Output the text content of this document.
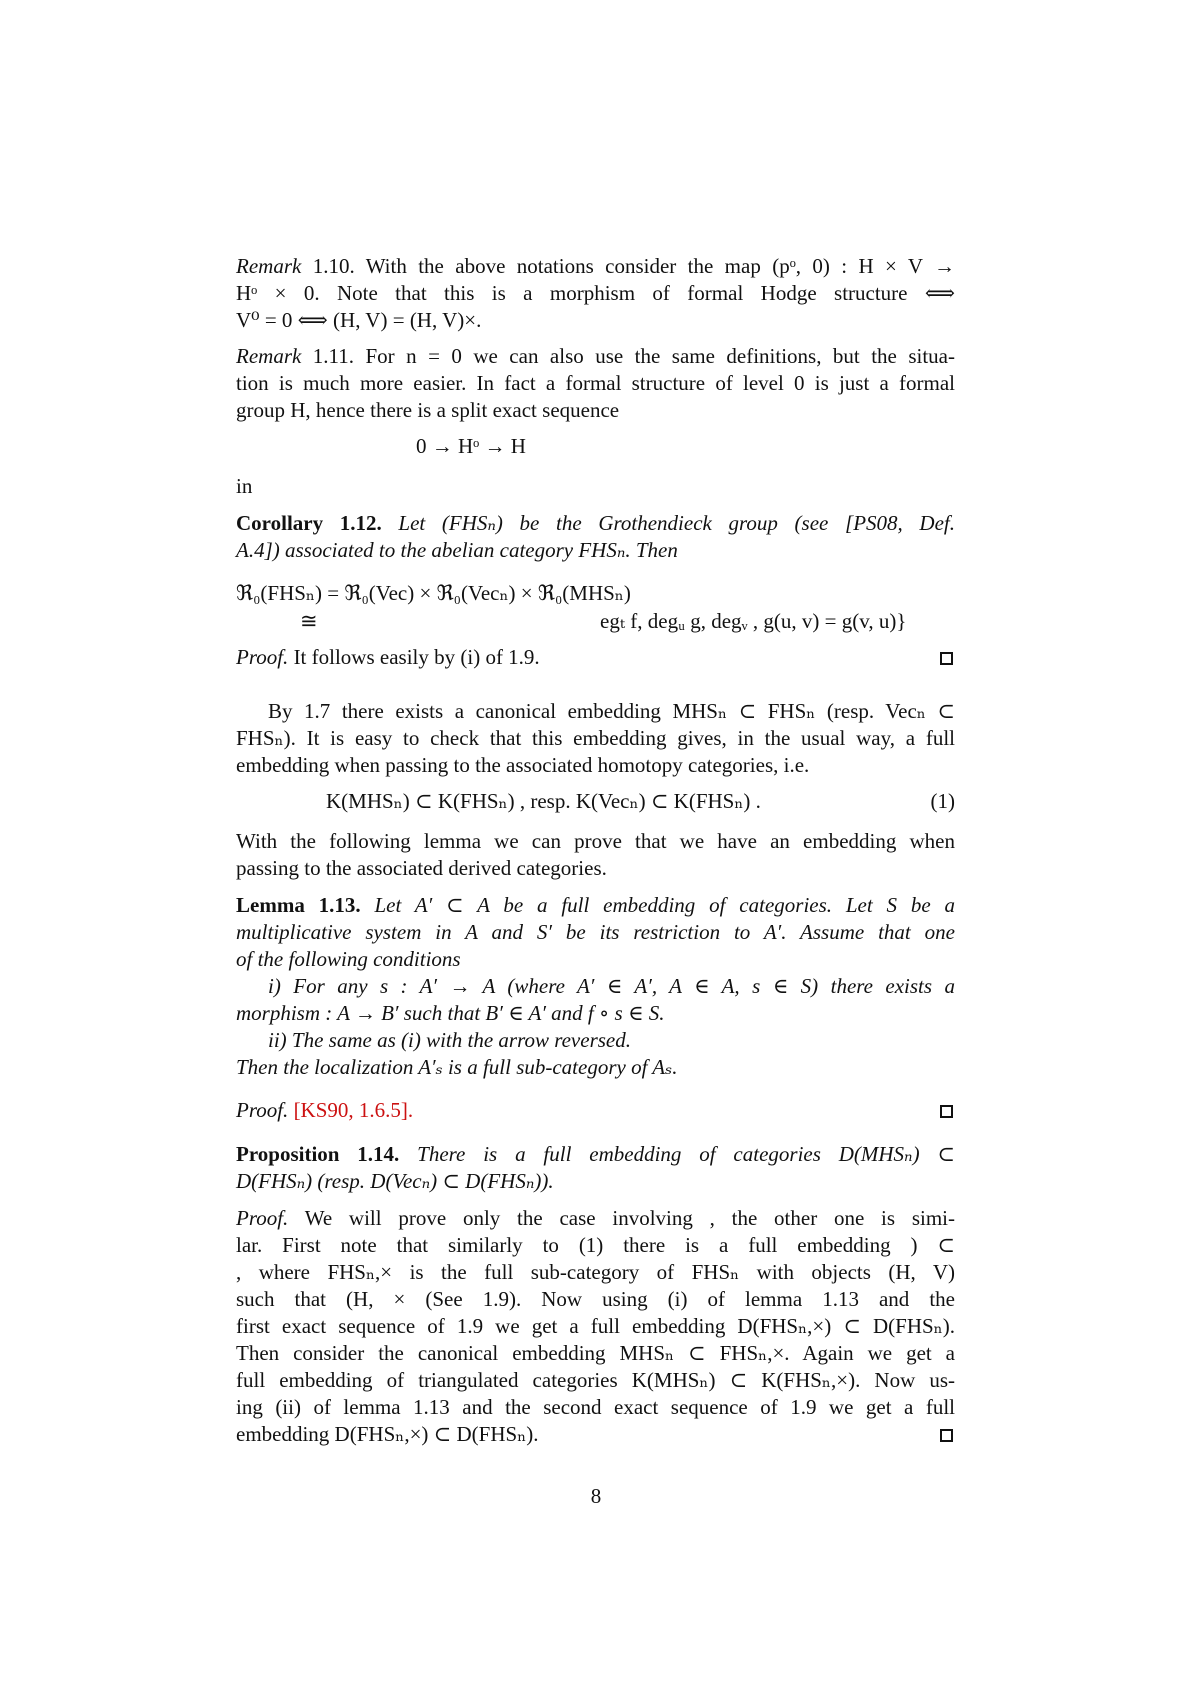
Remark 1.10. With the above notations consider the map (pᵒ, 0) : H × V →
Hᵒ × 0. Note that this is a morphism of formal Hodge structure ⟺
V⁰ = 0 ⟺ (H, V) = (H, V)×.
Remark 1.11. For n = 0 we can also use the same definitions, but the situa-
tion is much more easier. In fact a formal structure of level 0 is just a formal
group H, hence there is a split exact sequence
0 → Hᵒ → H
in
Corollary 1.12. Let (FHSₙ) be the Grothendieck group (see [PS08, Def.
A.4]) associated to the abelian category FHSₙ. Then
ℜ₀(FHSₙ) = ℜ₀(Vec) × ℜ₀(Vecₙ) × ℜ₀(MHSₙ)
≅	egₜ f, degᵤ g, degᵥ , g(u, v) = g(v, u)}
Proof. It follows easily by (i) of 1.9.
By 1.7 there exists a canonical embedding MHSₙ ⊂ FHSₙ (resp. Vecₙ ⊂
FHSₙ). It is easy to check that this embedding gives, in the usual way, a full
embedding when passing to the associated homotopy categories, i.e.
K(MHSₙ) ⊂ K(FHSₙ) , resp. K(Vecₙ) ⊂ K(FHSₙ) .	(1)
With the following lemma we can prove that we have an embedding when
passing to the associated derived categories.
Lemma 1.13. Let A′ ⊂ A be a full embedding of categories. Let S be a
multiplicative system in A and S′ be its restriction to A′. Assume that one
of the following conditions
i) For any s : A′ → A (where A′ ∈ A′, A ∈ A, s ∈ S) there exists a
morphism : A → B′ such that B′ ∈ A′ and f ∘ s ∈ S.
ii) The same as (i) with the arrow reversed.
Then the localization A′ₛ is a full sub-category of Aₛ.
Proof. [KS90, 1.6.5].
Proposition 1.14. There is a full embedding of categories D(MHSₙ) ⊂
D(FHSₙ) (resp. D(Vecₙ) ⊂ D(FHSₙ)).
Proof. We will prove only the case involving , the other one is simi-
lar. First note that similarly to (1) there is a full embedding ) ⊂
, where FHSₙ,× is the full sub-category of FHSₙ with objects (H, V)
such that (H, × (See 1.9). Now using (i) of lemma 1.13 and the
first exact sequence of 1.9 we get a full embedding D(FHSₙ,×) ⊂ D(FHSₙ).
Then consider the canonical embedding MHSₙ ⊂ FHSₙ,×. Again we get a
full embedding of triangulated categories K(MHSₙ) ⊂ K(FHSₙ,×). Now us-
ing (ii) of lemma 1.13 and the second exact sequence of 1.9 we get a full
embedding D(FHSₙ,×) ⊂ D(FHSₙ).
8
